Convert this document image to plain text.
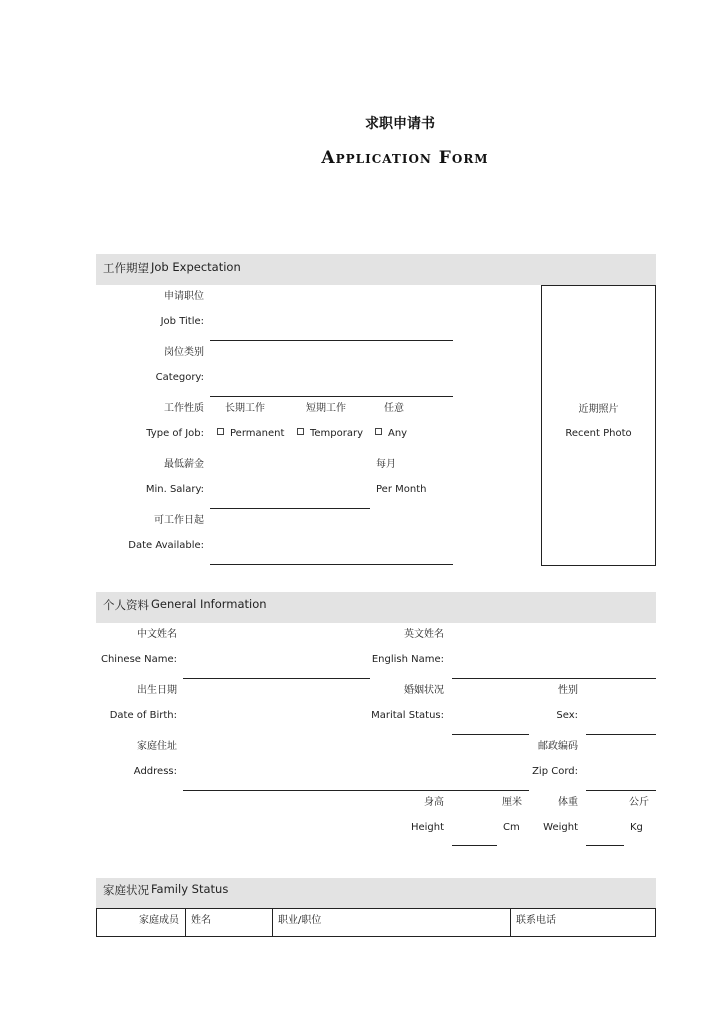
求职申请书
Application Form
工作期望 Job Expectation
申请职位
Job Title:
岗位类别
Category:
工作性质
Type of Job:
长期工作
Permanent
短期工作
Temporary
任意
Any
最低薪金
Min. Salary:
每月
Per Month
可工作日起
Date Available:
近期照片
Recent Photo
个人资料 General Information
中文姓名
Chinese Name:
英文姓名
English Name:
出生日期
Date of Birth:
婚姻状况
Marital Status:
性别
Sex:
家庭住址
Address:
邮政编码
Zip Cord:
身高
Height
厘米
Cm
体重
Weight
公斤
Kg
家庭状况 Family Status
家庭成员 姓名	职业/职位	联系电话
